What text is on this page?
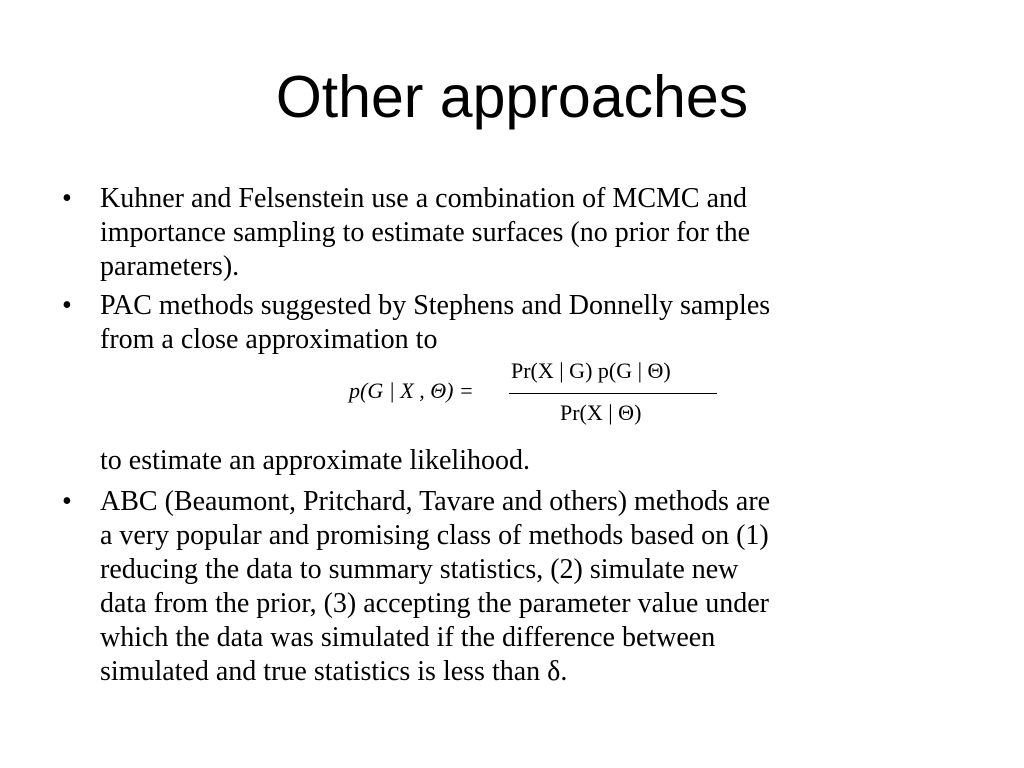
Other approaches
• Kuhner and Felsenstein use a combination of MCMC and
importance sampling to estimate surfaces (no prior for the
parameters).
• PAC methods suggested by Stephens and Donnelly samples
from a close approximation to
p(G | X , Θ) =
Pr(X | G) p(G | Θ)
Pr(X | Θ)
to estimate an approximate likelihood.
• ABC (Beaumont, Pritchard, Tavare and others) methods are
a very popular and promising class of methods based on (1)
reducing the data to summary statistics, (2) simulate new
data from the prior, (3) accepting the parameter value under
which the data was simulated if the difference between
simulated and true statistics is less than δ.
